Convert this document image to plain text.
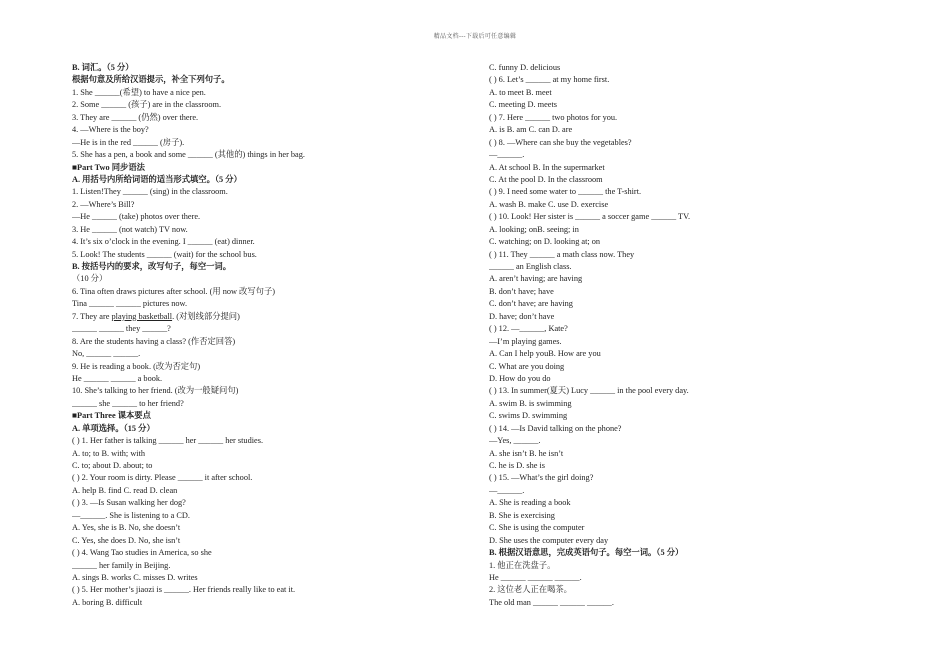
精品文档---下载后可任意编辑
B. 词汇。（5 分）
根据句意及所给汉语提示，补全下列句子。
1. She ______(希望) to have a nice pen.
2. Some ______ (孩子) are in the classroom.
3. They are ______ (仍然) over there.
4. —Where is the boy?
—He is in the red ______ (房子).
5. She has a pen, a book and some ______ (其他的) things in her bag.
■Part Two 同步语法
A. 用括号内所给词语的适当形式填空。（5 分）
1. Listen!They ______ (sing) in the classroom.
2. —Where’s Bill?
—He ______ (take) photos over there.
3. He ______ (not watch) TV now.
4. It’s six o’clock in the evening. I ______ (eat) dinner.
5. Look! The students ______ (wait) for the school bus.
B. 按括号内的要求，改写句子，每空一词。
（10 分）
6. Tina often draws pictures after school. (用 now 改写句子)
Tina ______ ______ pictures now.
7. They are playing basketball. (对划线部分提问)
______ ______ they ______?
8. Are the students having a class? (作否定回答)
No, ______ ______.
9. He is reading a book. (改为否定句)
He ______ ______ a book.
10. She’s talking to her friend. (改为一般疑问句)
______ she ______ to her friend?
■Part Three 课本要点
A. 单项选择。（15 分）
( ) 1. Her father is talking ______ her ______ her studies.
A. to; to B. with; with
C. to; about D. about; to
( ) 2. Your room is dirty. Please ______ it after school.
A. help B. find C. read D. clean
( ) 3. —Is Susan walking her dog?
—______. She is listening to a CD.
A. Yes, she is B. No, she doesn’t
C. Yes, she does D. No, she isn’t
( ) 4. Wang Tao studies in America, so she
______ her family in Beijing.
A. sings B. works C. misses D. writes
( ) 5. Her mother’s jiaozi is ______. Her friends really like to eat it.
A. boring B. difficult
C. funny D. delicious
( ) 6. Let’s ______ at my home first.
A. to meet B. meet
C. meeting D. meets
( ) 7. Here ______ two photos for you.
A. is B. am C. can D. are
( ) 8. —Where can she buy the vegetables?
—______.
A. At school B. In the supermarket
C. At the pool D. In the classroom
( ) 9. I need some water to ______ the T-shirt.
A. wash B. make C. use D. exercise
( ) 10. Look! Her sister is ______ a soccer game ______ TV.
A. looking; onB. seeing; in
C. watching; on D. looking at; on
( ) 11. They ______ a math class now. They
______ an English class.
A. aren’t having; are having
B. don’t have; have
C. don’t have; are having
D. have; don’t have
( ) 12. —______, Kate?
—I’m playing games.
A. Can I help youB. How are you
C. What are you doing
D. How do you do
( ) 13. In summer(夏天) Lucy ______ in the pool every day.
A. swim B. is swimming
C. swims D. swimming
( ) 14. —Is David talking on the phone?
—Yes, ______.
A. she isn’t B. he isn’t
C. he is D. she is
( ) 15. —What’s the girl doing?
—______.
A. She is reading a book
B. She is exercising
C. She is using the computer
D. She uses the computer every day
B. 根据汉语意思，完成英语句子。每空一词。（5 分）
1. 他正在洗盘子。
He ______ ______ ______.
2. 这位老人正在喝茶。
The old man ______ ______ ______.
